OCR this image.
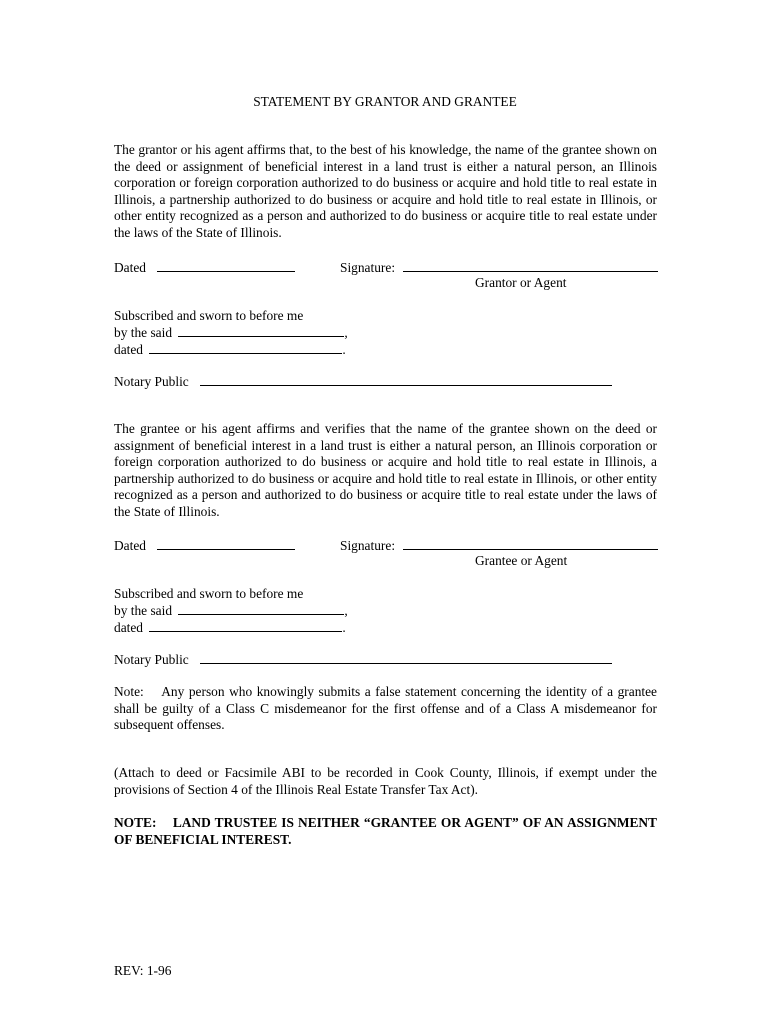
STATEMENT BY GRANTOR AND GRANTEE
The grantor or his agent affirms that, to the best of his knowledge, the name of the grantee shown on the deed or assignment of beneficial interest in a land trust is either a natural person, an Illinois corporation or foreign corporation authorized to do business or acquire and hold title to real estate in Illinois, a partnership authorized to do business or acquire and hold title to real estate in Illinois, or other entity recognized as a person and authorized to do business or acquire title to real estate under the laws of the State of Illinois.
Dated	Signature:
Grantor or Agent
Subscribed and sworn to before me
by the said	,
dated	.
Notary Public
The grantee or his agent affirms and verifies that the name of the grantee shown on the deed or assignment of beneficial interest in a land trust is either a natural person, an Illinois corporation or foreign corporation authorized to do business or acquire and hold title to real estate in Illinois, a partnership authorized to do business or acquire and hold title to real estate in Illinois, or other entity recognized as a person and authorized to do business or acquire title to real estate under the laws of the State of Illinois.
Dated	Signature:
Grantee or Agent
Subscribed and sworn to before me
by the said	,
dated	.
Notary Public
Note:    Any person who knowingly submits a false statement concerning the identity of a grantee shall be guilty of a Class C misdemeanor for the first offense and of a Class A misdemeanor for subsequent offenses.
(Attach to deed or Facsimile ABI to be recorded in Cook County, Illinois, if exempt under the provisions of Section 4 of the Illinois Real Estate Transfer Tax Act).
NOTE:    LAND TRUSTEE IS NEITHER “GRANTEE OR AGENT” OF AN ASSIGNMENT OF BENEFICIAL INTEREST.
REV: 1-96
